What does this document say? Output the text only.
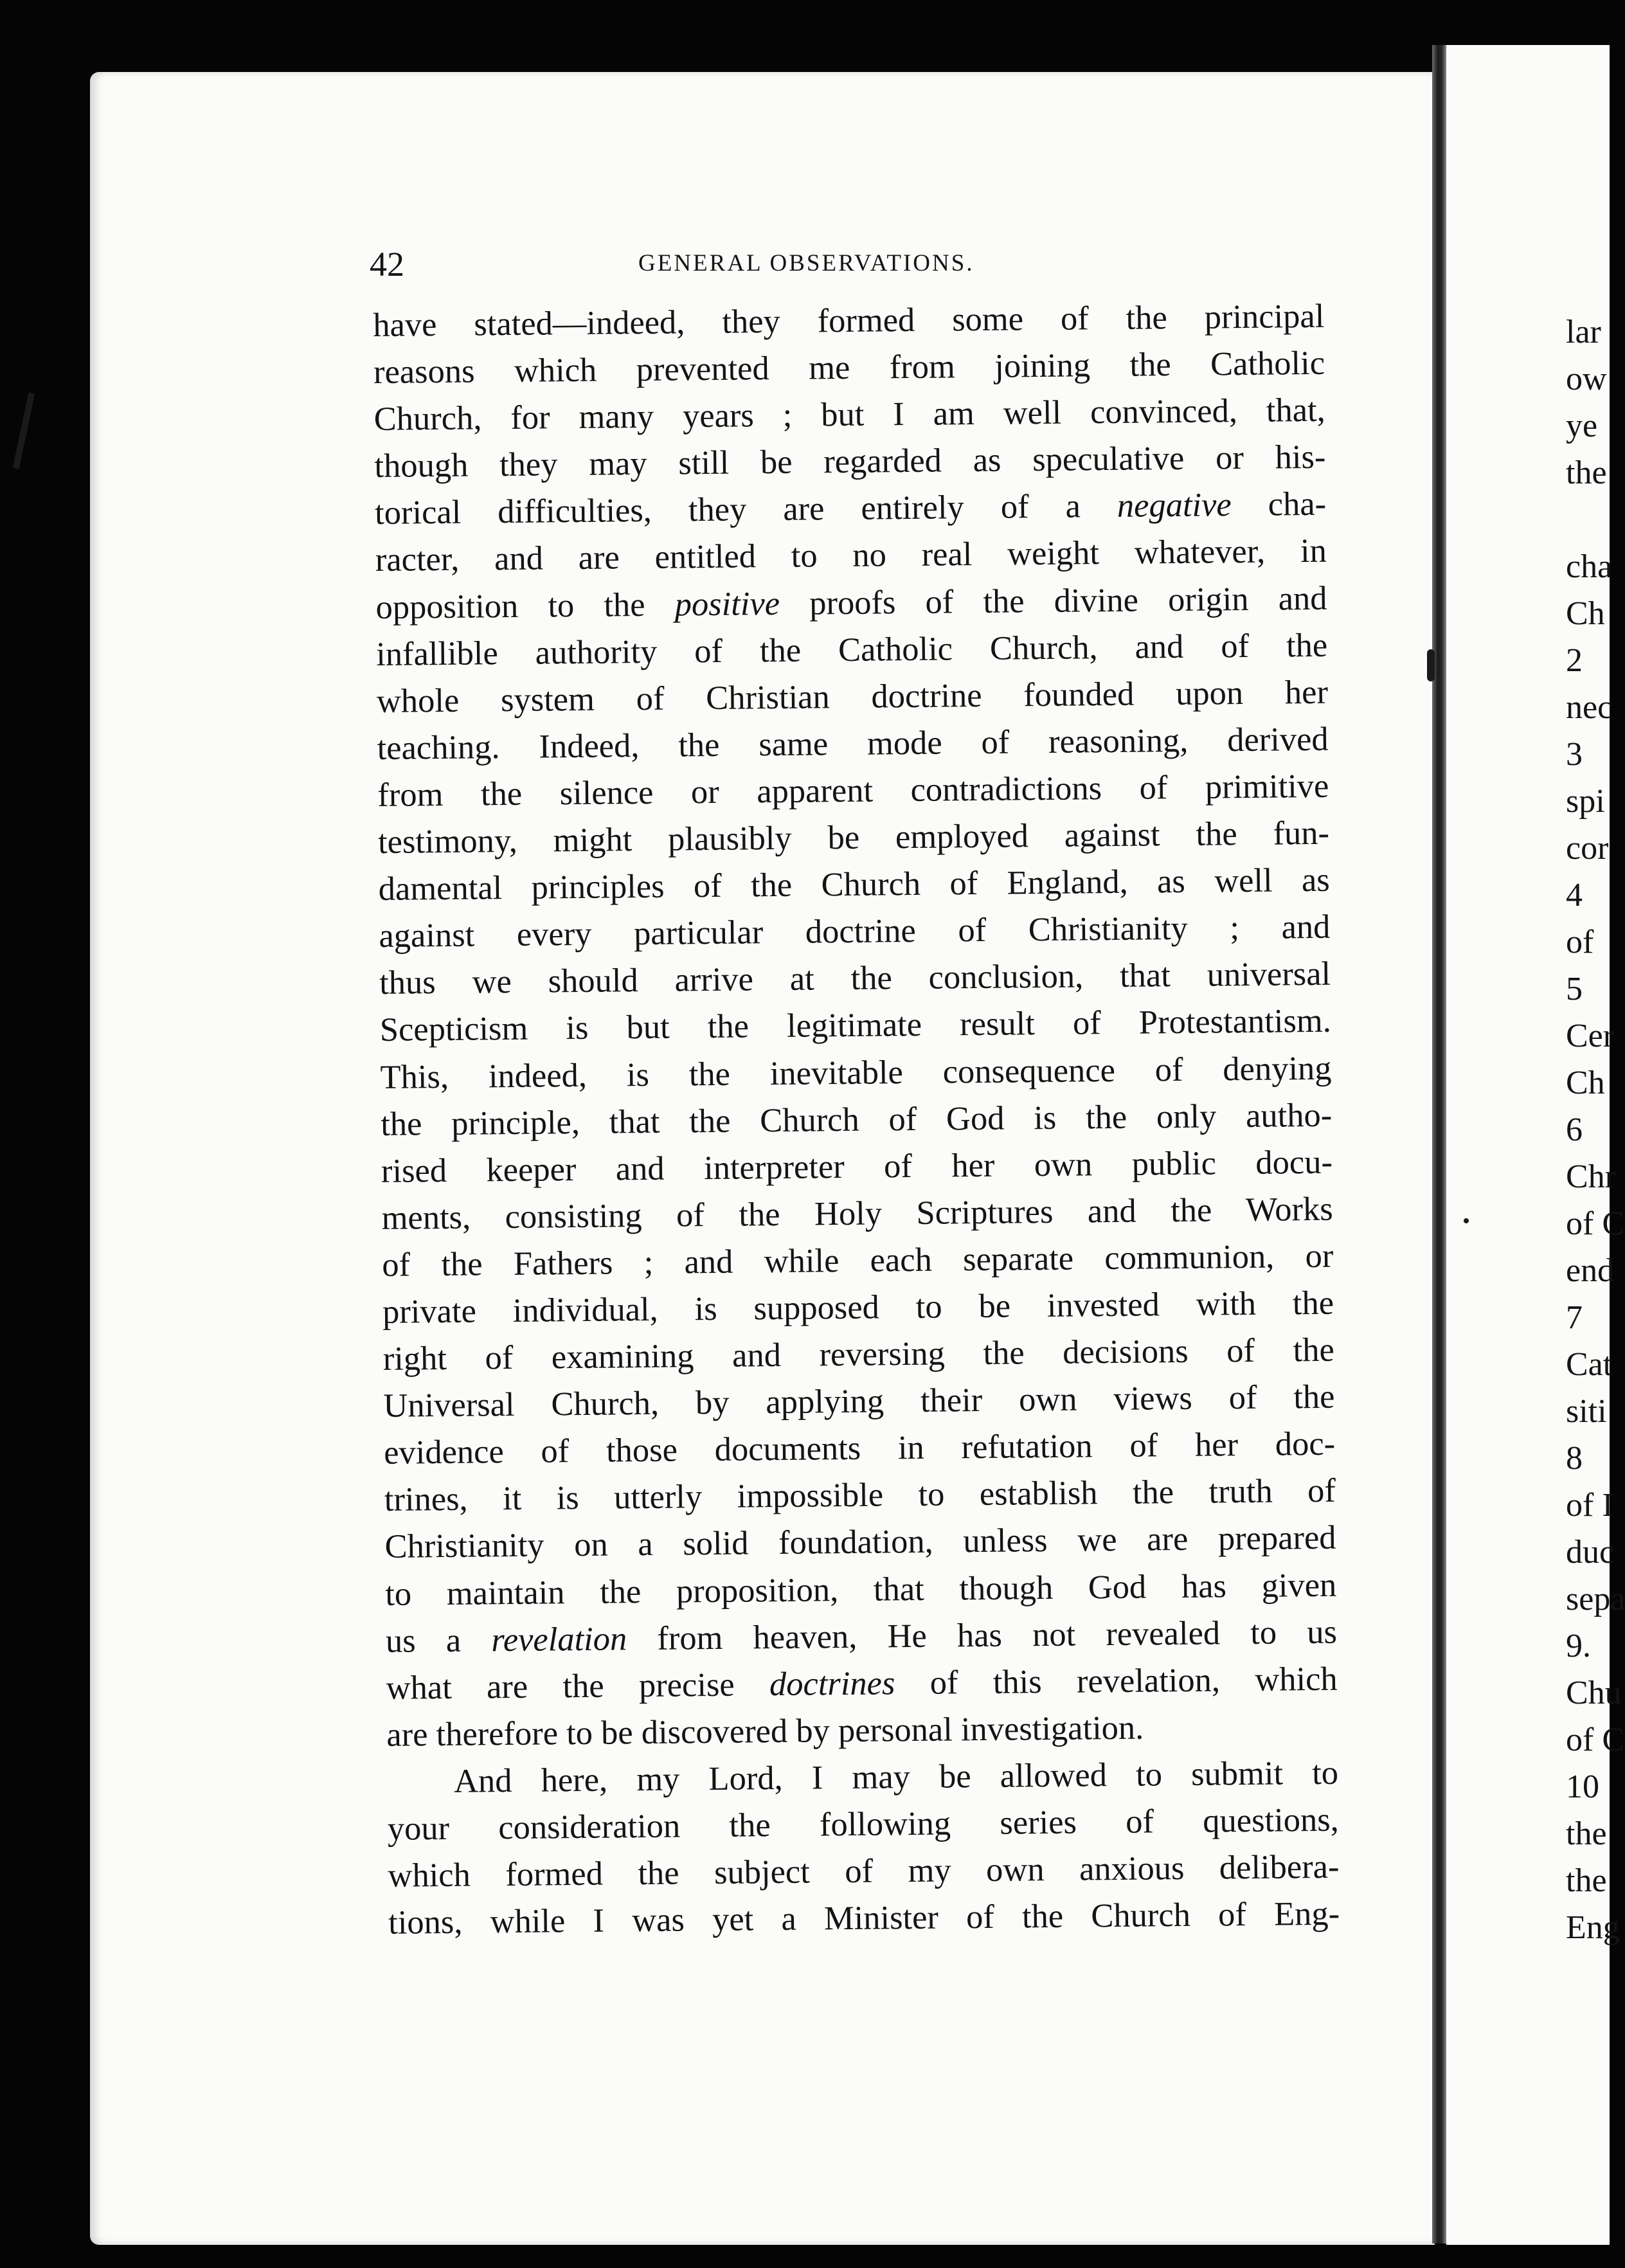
42	GENERAL OBSERVATIONS.
have stated—indeed, they formed some of the principal
reasons which prevented me from joining the Catholic
Church, for many years ; but I am well convinced, that,
though they may still be regarded as speculative or his-
torical difficulties, they are entirely of a negative cha-
racter, and are entitled to no real weight whatever, in
opposition to the positive proofs of the divine origin and
infallible authority of the Catholic Church, and of the
whole system of Christian doctrine founded upon her
teaching. Indeed, the same mode of reasoning, derived
from the silence or apparent contradictions of primitive
testimony, might plausibly be employed against the fun-
damental principles of the Church of England, as well as
against every particular doctrine of Christianity ; and
thus we should arrive at the conclusion, that universal
Scepticism is but the legitimate result of Protestantism.
This, indeed, is the inevitable consequence of denying
the principle, that the Church of God is the only autho-
rised keeper and interpreter of her own public docu-
ments, consisting of the Holy Scriptures and the Works
of the Fathers ; and while each separate communion, or
private individual, is supposed to be invested with the
right of examining and reversing the decisions of the
Universal Church, by applying their own views of the
evidence of those documents in refutation of her doc-
trines, it is utterly impossible to establish the truth of
Christianity on a solid foundation, unless we are prepared
to maintain the proposition, that though God has given
us a revelation from heaven, He has not revealed to us
what are the precise doctrines of this revelation, which
are therefore to be discovered by personal investigation.
And here, my Lord, I may be allowed to submit to
your consideration the following series of questions,
which formed the subject of my own anxious delibera-
tions, while I was yet a Minister of the Church of Eng-
lar
ow
ye
the
cha
Ch
2
nec
3
spi
cor
4
of
5
Cer
Ch
6
Chr
of C
end
7
Cat
siti
8
of I
duc
sepa
9.
Chu
of C
10
the
the
Eng
